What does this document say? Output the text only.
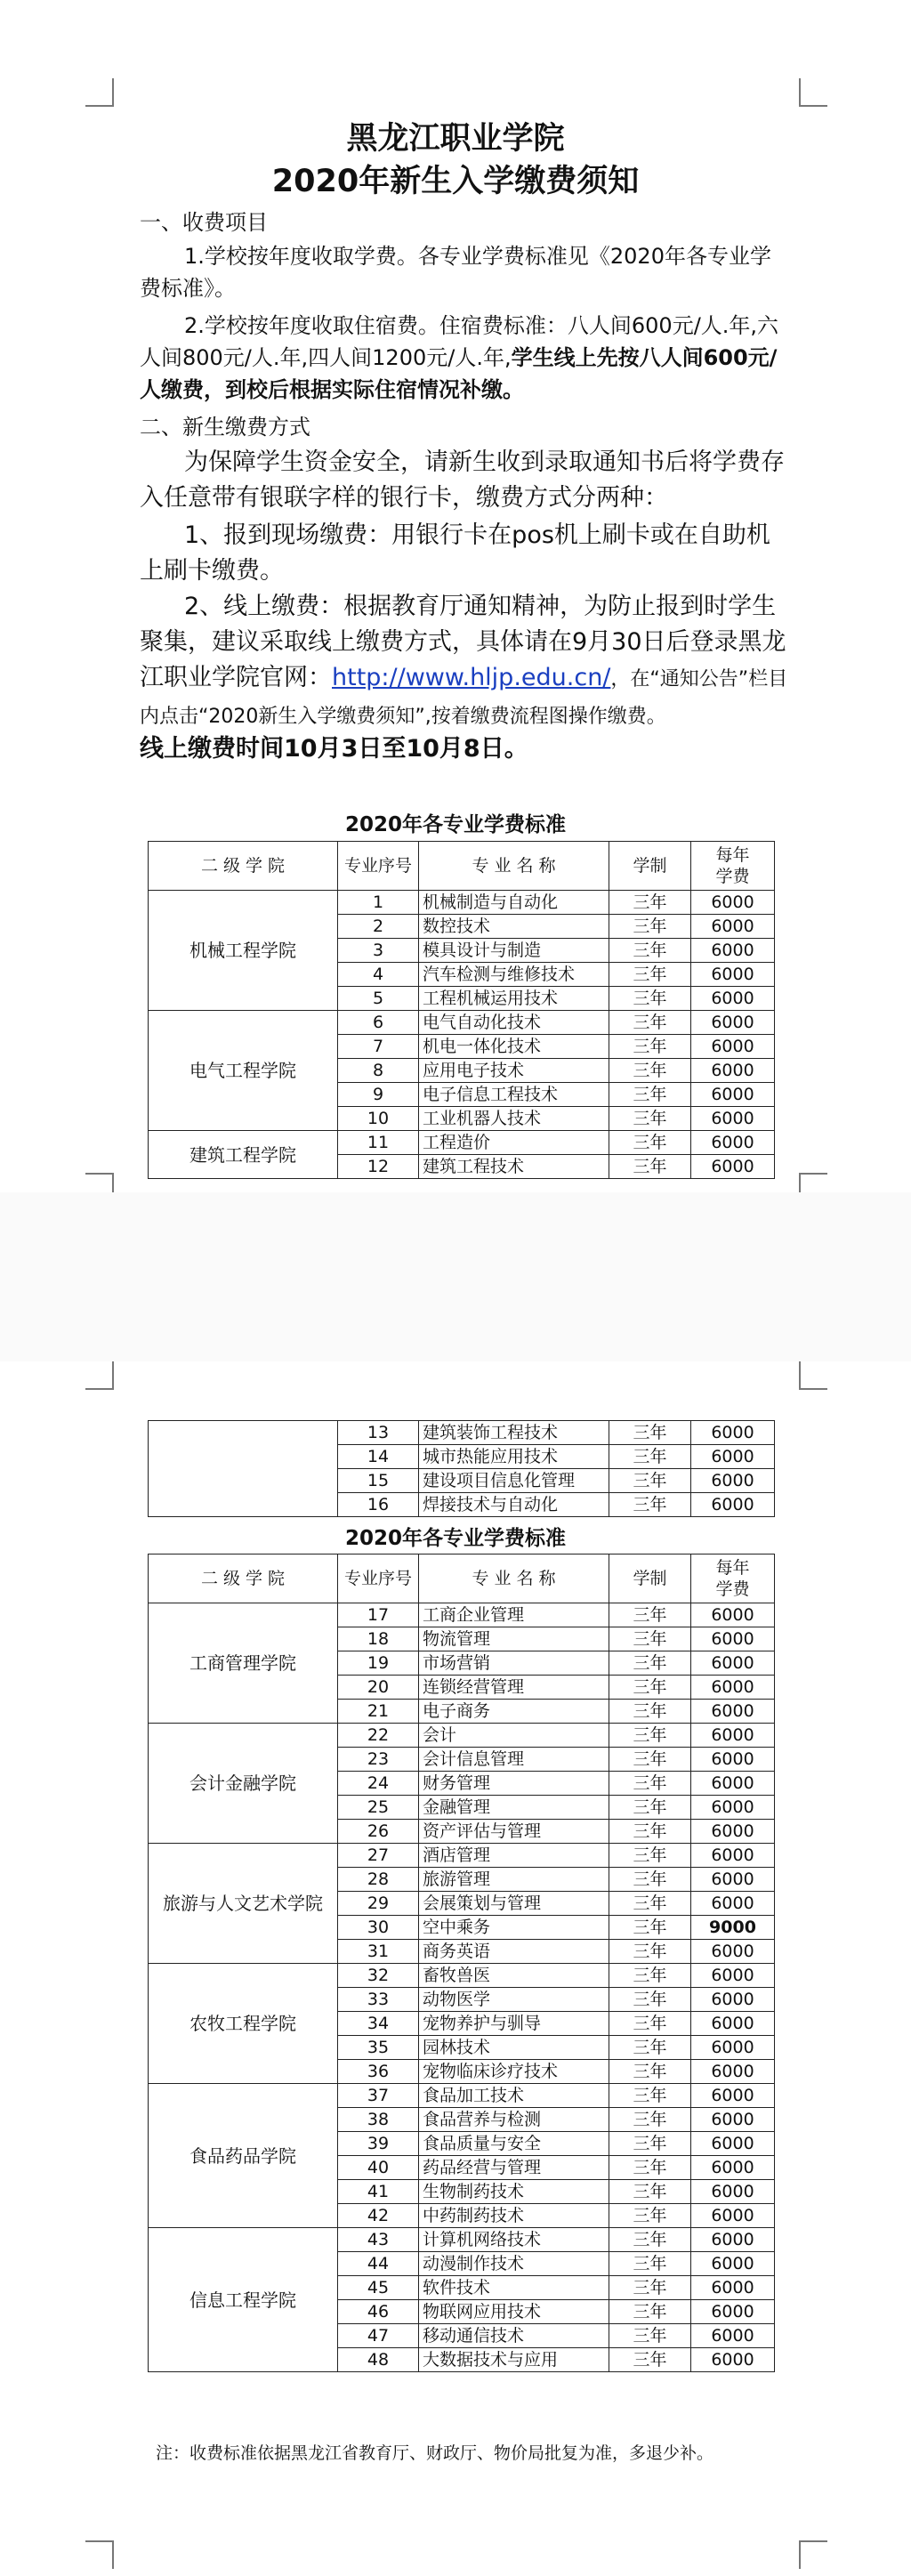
黑龙江职业学院
2020年新生入学缴费须知
一、收费项目
1.学校按年度收取学费。各专业学费标准见《2020年各专业学费标准》。
2.学校按年度收取住宿费。住宿费标准：八人间600元/人.年,六人间800元/人.年,四人间1200元/人.年,学生线上先按八人间600元/人缴费，到校后根据实际住宿情况补缴。
二、新生缴费方式
为保障学生资金安全，请新生收到录取通知书后将学费存入任意带有银联字样的银行卡，缴费方式分两种：
1、报到现场缴费：用银行卡在pos机上刷卡或在自助机上刷卡缴费。
2、线上缴费：根据教育厅通知精神，为防止报到时学生聚集，建议采取线上缴费方式，具体请在9月30日后登录黑龙江职业学院官网：http://www.hljp.edu.cn/，在“通知公告”栏目内点击“2020新生入学缴费须知”,按着缴费流程图操作缴费。
线上缴费时间10月3日至10月8日。
2020年各专业学费标准
二 级 学 院	专业序号	专 业 名 称	学制	每年
学费
机械工程学院	1	机械制造与自动化	三年	6000
	2	数控技术	三年	6000
	3	模具设计与制造	三年	6000
	4	汽车检测与维修技术	三年	6000
	5	工程机械运用技术	三年	6000
电气工程学院	6	电气自动化技术	三年	6000
	7	机电一体化技术	三年	6000
	8	应用电子技术	三年	6000
	9	电子信息工程技术	三年	6000
	10	工业机器人技术	三年	6000
建筑工程学院	11	工程造价	三年	6000
	12	建筑工程技术	三年	6000
	13	建筑装饰工程技术	三年	6000
	14	城市热能应用技术	三年	6000
	15	建设项目信息化管理	三年	6000
	16	焊接技术与自动化	三年	6000
2020年各专业学费标准
二 级 学 院	专业序号	专 业 名 称	学制	每年
学费
工商管理学院	17	工商企业管理	三年	6000
	18	物流管理	三年	6000
	19	市场营销	三年	6000
	20	连锁经营管理	三年	6000
	21	电子商务	三年	6000
会计金融学院	22	会计	三年	6000
	23	会计信息管理	三年	6000
	24	财务管理	三年	6000
	25	金融管理	三年	6000
	26	资产评估与管理	三年	6000
旅游与人文艺术学院	27	酒店管理	三年	6000
	28	旅游管理	三年	6000
	29	会展策划与管理	三年	6000
	30	空中乘务	三年	9000
	31	商务英语	三年	6000
农牧工程学院	32	畜牧兽医	三年	6000
	33	动物医学	三年	6000
	34	宠物养护与驯导	三年	6000
	35	园林技术	三年	6000
	36	宠物临床诊疗技术	三年	6000
食品药品学院	37	食品加工技术	三年	6000
	38	食品营养与检测	三年	6000
	39	食品质量与安全	三年	6000
	40	药品经营与管理	三年	6000
	41	生物制药技术	三年	6000
	42	中药制药技术	三年	6000
信息工程学院	43	计算机网络技术	三年	6000
	44	动漫制作技术	三年	6000
	45	软件技术	三年	6000
	46	物联网应用技术	三年	6000
	47	移动通信技术	三年	6000
	48	大数据技术与应用	三年	6000
注：收费标准依据黑龙江省教育厅、财政厅、物价局批复为准，多退少补。
